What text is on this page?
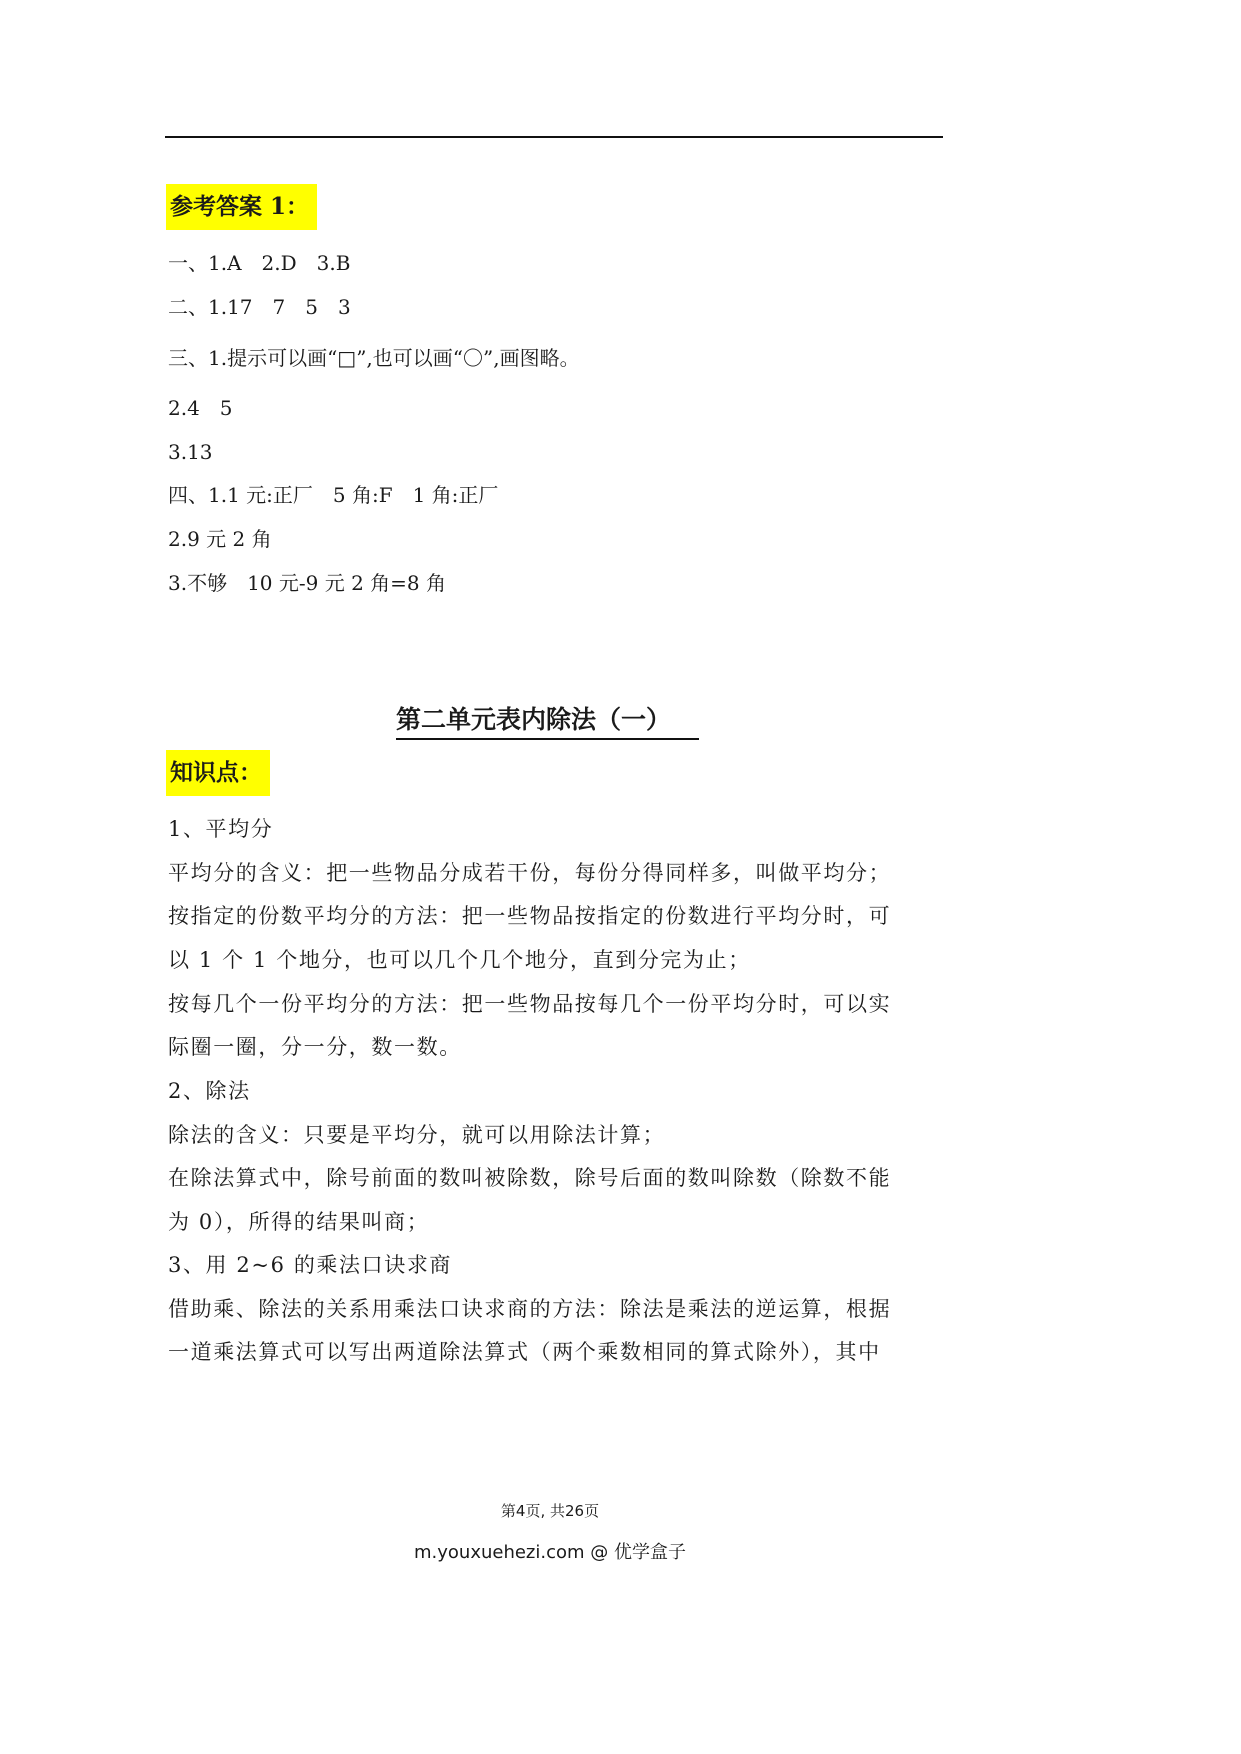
参考答案 1：
一、1.A　2.D　3.B
二、1.17　7　5　3
三、1.提示可以画“□”,也可以画“〇”,画图略。
2.4　5
3.13
四、1.1 元:正厂　5 角:F　1 角:正厂
2.9 元 2 角
3.不够　10 元-9 元 2 角=8 角
第二单元表内除法（一）
知识点：
1、平均分
平均分的含义：把一些物品分成若干份，每份分得同样多，叫做平均分；
按指定的份数平均分的方法：把一些物品按指定的份数进行平均分时，可
以 1 个 1 个地分，也可以几个几个地分，直到分完为止；
按每几个一份平均分的方法：把一些物品按每几个一份平均分时，可以实
际圈一圈，分一分，数一数。
2、除法
除法的含义：只要是平均分，就可以用除法计算；
在除法算式中，除号前面的数叫被除数，除号后面的数叫除数（除数不能
为 0），所得的结果叫商；
3、用 2~6 的乘法口诀求商
借助乘、除法的关系用乘法口诀求商的方法：除法是乘法的逆运算，根据
一道乘法算式可以写出两道除法算式（两个乘数相同的算式除外），其中
第4页, 共26页
m.youxuehezi.com @ 优学盒子
